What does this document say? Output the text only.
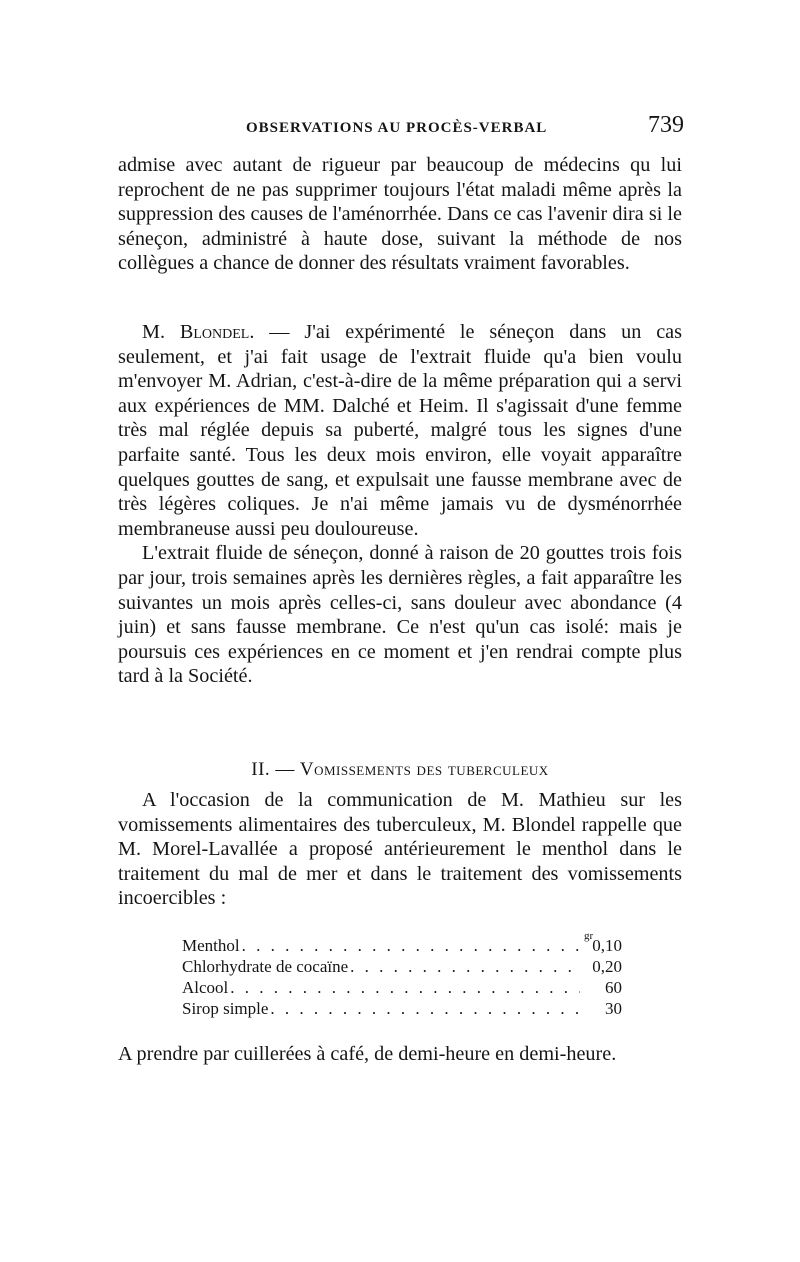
OBSERVATIONS AU PROCÈS-VERBAL	739

admise avec autant de rigueur par beaucoup de médecins qu lui reprochent de ne pas supprimer toujours l'état maladi même après la suppression des causes de l'aménorrhée. Dans ce cas l'avenir dira si le séneçon, administré à haute dose, suivant la méthode de nos collègues a chance de donner des résultats vraiment favorables.

M. Blondel. — J'ai expérimenté le séneçon dans un cas seulement, et j'ai fait usage de l'extrait fluide qu'a bien voulu m'envoyer M. Adrian, c'est-à-dire de la même préparation qui a servi aux expériences de MM. Dalché et Heim. Il s'agissait d'une femme très mal réglée depuis sa puberté, malgré tous les signes d'une parfaite santé. Tous les deux mois environ, elle voyait apparaître quelques gouttes de sang, et expulsait une fausse membrane avec de très légères coliques. Je n'ai même jamais vu de dysménorrhée membraneuse aussi peu douloureuse.

L'extrait fluide de séneçon, donné à raison de 20 gouttes trois fois par jour, trois semaines après les dernières règles, a fait apparaître les suivantes un mois après celles-ci, sans douleur avec abondance (4 juin) et sans fausse membrane. Ce n'est qu'un cas isolé: mais je poursuis ces expériences en ce moment et j'en rendrai compte plus tard à la Société.

II. — Vomissements des tuberculeux

A l'occasion de la communication de M. Mathieu sur les vomissements alimentaires des tuberculeux, M. Blondel rappelle que M. Morel-Lavallée a proposé antérieurement le menthol dans le traitement du mal de mer et dans le traitement des vomissements incoercibles :

gr
Menthol . . .	0,10
Chlorhydrate de cocaïne . . .	0,20
Alcool . . .	60
Sirop simple . . .	30
A prendre par cuillerées à café, de demi-heure en demi-heure.
